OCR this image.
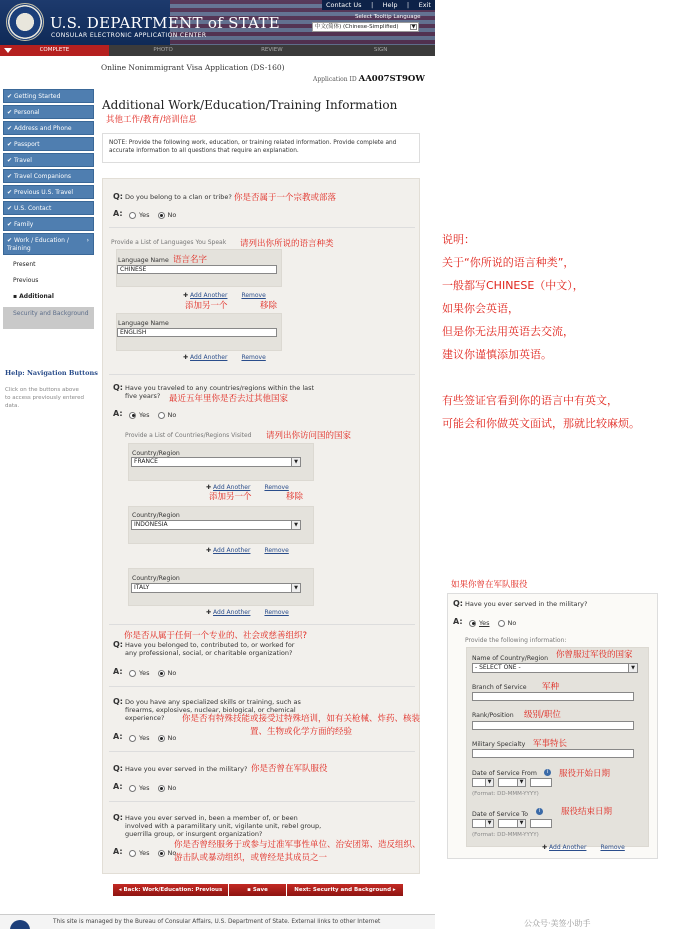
U.S. DEPARTMENT of STATE
CONSULAR ELECTRONIC APPLICATION CENTER
Contact Us | Help | Exit
Select Tooltip Language
中文(简体) (Chinese-Simplified)	▼
COMPLETE	PHOTO	REVIEW	SIGN
✔ Getting Started
✔ Personal
✔ Address and Phone
✔ Passport
✔ Travel
✔ Travel Companions
✔ Previous U.S. Travel
✔ U.S. Contact
✔ Family
✔ Work / Education / Training
›
Present
Previous
▪ Additional
Security and Background
Help: Navigation Buttons
Click on the buttons above to access previously entered data.
Online Nonimmigrant Visa Application (DS-160)
Application ID AA007ST9OW
Additional Work/Education/Training Information
其他工作/教育/培训信息
NOTE: Provide the following work, education, or training related information. Provide complete and accurate information to all questions that require an explanation.
Q: Do you belong to a clan or tribe? 你是否属于一个宗教或部落
A:	Yes	No
Provide a List of Languages You Speak 请列出你所说的语言种类
Language Name 语言名字
CHINESE
✚ Add Another Remove
添加另一个	移除
Language Name
ENGLISH
✚ Add Another Remove
Q: Have you traveled to any countries/regions within the last five years?	最近五年里你是否去过其他国家
A:	Yes	No
Provide a List of Countries/Regions Visited 请列出你访问国的国家
Country/Region
FRANCE	▼
✚ Add Another Remove
添加另一个	移除
Country/Region
INDONESIA	▼
✚ Add Another Remove
Country/Region
ITALY	▼
✚ Add Another Remove
你是否从属于任何一个专业的、社会或慈善组织?
Q: Have you belonged to, contributed to, or worked for any professional, social, or charitable organization?
A:	Yes	No
Q: Do you have any specialized skills or training, such as firearms, explosives, nuclear, biological, or chemical experience?	你是否有特殊技能或接受过特殊培训，如有关枪械、炸药、核装置、生物或化学方面的经验
A:	Yes	No
Q: Have you ever served in the military? 你是否曾在军队服役
A:	Yes	No
Q: Have you ever served in, been a member of, or been involved with a paramilitary unit, vigilante unit, rebel group, guerrilla group, or insurgent organization?
A:	Yes	No
你是否曾经服务于或参与过准军事性单位、治安团第、造反组织、游击队或暴动组织，或曾经是其成员之一
◂ Back: Work/Education: Previous	▪ Save	Next: Security and Background ▸
This site is managed by the Bureau of Consular Affairs, U.S. Department of State. External links to other Internet

说明：

关于“你所说的语言种类”，

一般都写CHINESE（中文），

如果你会英语，

但是你无法用英语去交流，

建议你谨慎添加英语。

有些签证官看到你的语言中有英文，

可能会和你做英文面试，那就比较麻烦。

如果你曾在军队服役
Q: Have you ever served in the military?
A:	Yes	No
Provide the following information:
Name of Country/Region 你曾服过军役的国家
- SELECT ONE -	▼
Branch of Service 军种
Rank/Position 级别/职位
Military Specialty 军事特长
Date of Service From	i	服役开始日期
▼	▼
(Format: DD-MMM-YYYY)
Date of Service To	i	服役结束日期
▼	▼
(Format: DD-MMM-YYYY)
✚ Add Another Remove
公众号·美签小助手
